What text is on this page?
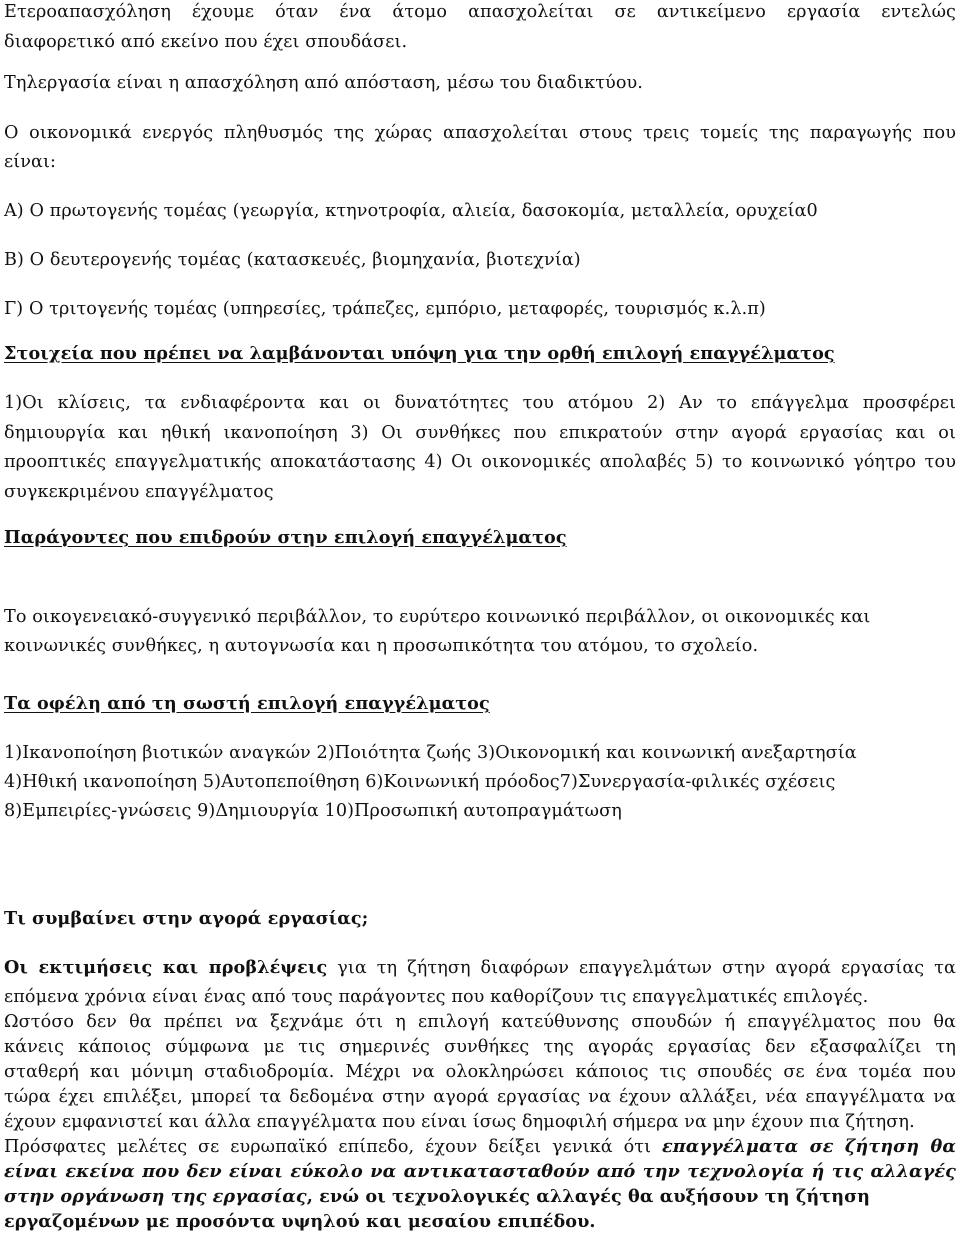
Ετεροαπασχόληση έχουμε όταν ένα άτομο απασχολείται σε αντικείμενο εργασία εντελώς
διαφορετικό από εκείνο που έχει σπουδάσει.
Τηλεργασία είναι η απασχόληση από απόσταση, μέσω του διαδικτύου.
Ο οικονομικά ενεργός πληθυσμός της χώρας απασχολείται στους τρεις τομείς της παραγωγής που
είναι:
Α) Ο πρωτογενής τομέας (γεωργία, κτηνοτροφία, αλιεία, δασοκομία, μεταλλεία, ορυχεία0
Β) Ο δευτερογενής τομέας (κατασκευές, βιομηχανία, βιοτεχνία)
Γ) Ο τριτογενής τομέας (υπηρεσίες, τράπεζες, εμπόριο, μεταφορές, τουρισμός κ.λ.π)
Στοιχεία που πρέπει να λαμβάνονται υπόψη για την ορθή επιλογή επαγγέλματος
1)Οι κλίσεις, τα ενδιαφέροντα και οι δυνατότητες του ατόμου 2) Αν το επάγγελμα προσφέρει
δημιουργία και ηθική ικανοποίηση 3) Οι συνθήκες που επικρατούν στην αγορά εργασίας και οι
προοπτικές επαγγελματικής αποκατάστασης 4) Οι οικονομικές απολαβές 5) το κοινωνικό γόητρο του
συγκεκριμένου επαγγέλματος
Παράγοντες που επιδρούν στην επιλογή επαγγέλματος
Το οικογενειακό-συγγενικό περιβάλλον, το ευρύτερο κοινωνικό περιβάλλον, οι οικονομικές και
κοινωνικές συνθήκες, η αυτογνωσία και η προσωπικότητα του ατόμου, το σχολείο.
Τα οφέλη από τη σωστή επιλογή επαγγέλματος
1)Ικανοποίηση βιοτικών αναγκών 2)Ποιότητα ζωής 3)Οικονομική και κοινωνική ανεξαρτησία
4)Ηθική ικανοποίηση 5)Αυτοπεποίθηση 6)Κοινωνική πρόοδος7)Συνεργασία-φιλικές σχέσεις
8)Εμπειρίες-γνώσεις 9)Δημιουργία 10)Προσωπική αυτοπραγμάτωση
Τι συμβαίνει στην αγορά εργασίας;
Οι εκτιμήσεις και προβλέψεις για τη ζήτηση διαφόρων επαγγελμάτων στην αγορά εργασίας τα
επόμενα χρόνια είναι ένας από τους παράγοντες που καθορίζουν τις επαγγελματικές επιλογές.
Ωστόσο δεν θα πρέπει να ξεχνάμε ότι η επιλογή κατεύθυνσης σπουδών ή επαγγέλματος που θα
κάνεις κάποιος σύμφωνα με τις σημερινές συνθήκες της αγοράς εργασίας δεν εξασφαλίζει τη
σταθερή και μόνιμη σταδιοδρομία. Μέχρι να ολοκληρώσει κάποιος τις σπουδές σε ένα τομέα που
τώρα έχει επιλέξει, μπορεί τα δεδομένα στην αγορά εργασίας να έχουν αλλάξει, νέα επαγγέλματα να
έχουν εμφανιστεί και άλλα επαγγέλματα που είναι ίσως δημοφιλή σήμερα να μην έχουν πια ζήτηση.
Πρόσφατες μελέτες σε ευρωπαϊκό επίπεδο, έχουν δείξει γενικά ότι επαγγέλματα σε ζήτηση θα
είναι εκείνα που δεν είναι εύκολο να αντικατασταθούν από την τεχνολογία ή τις αλλαγές
στην οργάνωση της εργασίας, ενώ οι τεχνολογικές αλλαγές θα αυξήσουν τη ζήτηση
εργαζομένων με προσόντα υψηλού και μεσαίου επιπέδου.
